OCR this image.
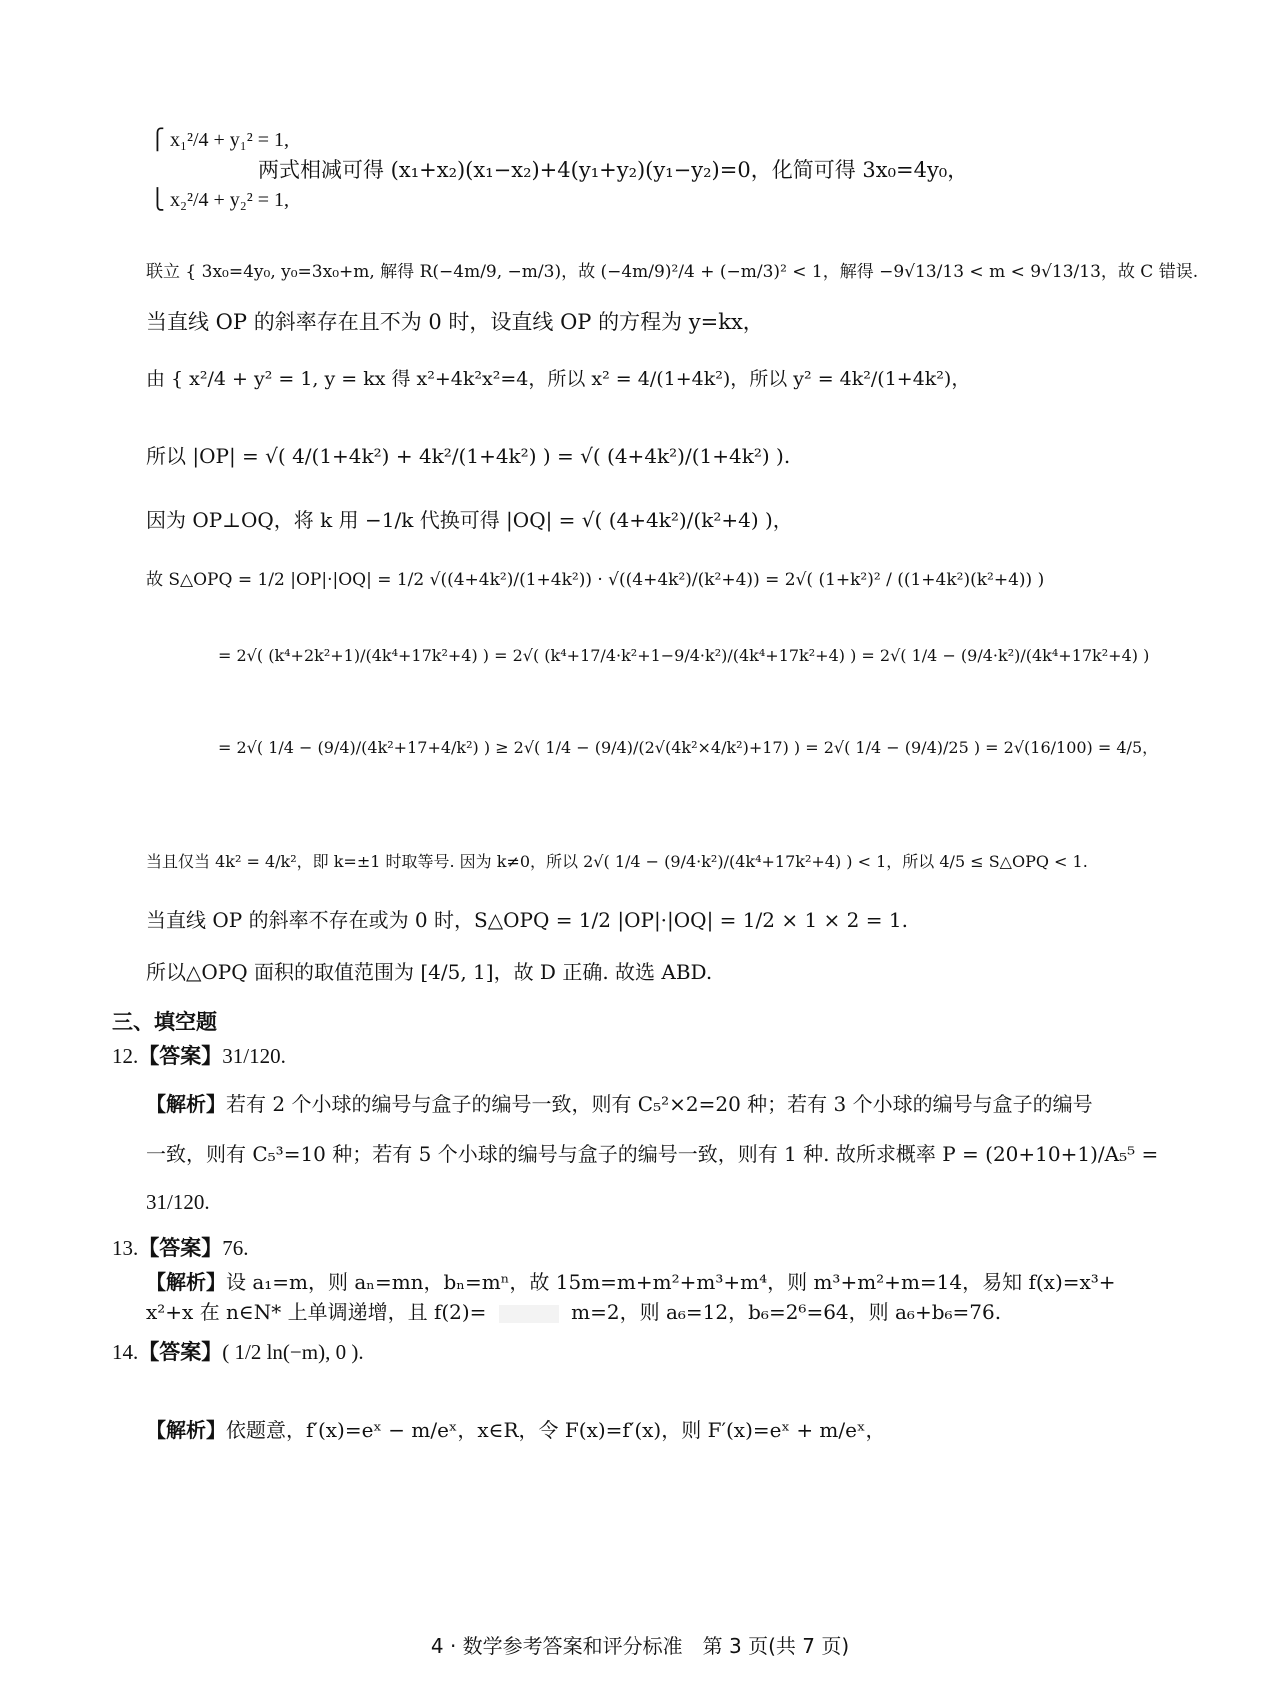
⎧ x₁²/4 + y₁² = 1,
两式相减可得 (x₁+x₂)(x₁−x₂)+4(y₁+y₂)(y₁−y₂)=0，化简可得 3x₀=4y₀，
⎩ x₂²/4 + y₂² = 1,
联立 { 3x₀=4y₀, y₀=3x₀+m, 解得 R(−4m/9, −m/3)，故 (−4m/9)²/4 + (−m/3)² < 1，解得 −9√13/13 < m < 9√13/13，故 C 错误.
当直线 OP 的斜率存在且不为 0 时，设直线 OP 的方程为 y=kx，
由 { x²/4 + y² = 1, y = kx 得 x²+4k²x²=4，所以 x² = 4/(1+4k²)，所以 y² = 4k²/(1+4k²)，
所以 |OP| = √( 4/(1+4k²) + 4k²/(1+4k²) ) = √( (4+4k²)/(1+4k²) ).
因为 OP⊥OQ，将 k 用 −1/k 代换可得 |OQ| = √( (4+4k²)/(k²+4) )，
故 S△OPQ = 1/2 |OP|·|OQ| = 1/2 √((4+4k²)/(1+4k²)) · √((4+4k²)/(k²+4)) = 2√( (1+k²)² / ((1+4k²)(k²+4)) )
= 2√( (k⁴+2k²+1)/(4k⁴+17k²+4) ) = 2√( (k⁴+17/4·k²+1−9/4·k²)/(4k⁴+17k²+4) ) = 2√( 1/4 − (9/4·k²)/(4k⁴+17k²+4) )
= 2√( 1/4 − (9/4)/(4k²+17+4/k²) ) ≥ 2√( 1/4 − (9/4)/(2√(4k²×4/k²)+17) ) = 2√( 1/4 − (9/4)/25 ) = 2√(16/100) = 4/5，
当且仅当 4k² = 4/k²，即 k=±1 时取等号. 因为 k≠0，所以 2√( 1/4 − (9/4·k²)/(4k⁴+17k²+4) ) < 1，所以 4/5 ≤ S△OPQ < 1.
当直线 OP 的斜率不存在或为 0 时，S△OPQ = 1/2 |OP|·|OQ| = 1/2 × 1 × 2 = 1.
所以△OPQ 面积的取值范围为 [4/5, 1]，故 D 正确. 故选 ABD.
三、填空题
12.【答案】31/120.
【解析】若有 2 个小球的编号与盒子的编号一致，则有 C₅²×2=20 种；若有 3 个小球的编号与盒子的编号
一致，则有 C₅³=10 种；若有 5 个小球的编号与盒子的编号一致，则有 1 种. 故所求概率 P = (20+10+1)/A₅⁵ =
31/120.
13.【答案】76.
【解析】设 a₁=m，则 aₙ=mn，bₙ=mⁿ，故 15m=m+m²+m³+m⁴，则 m³+m²+m=14，易知 f(x)=x³+
x²+x 在 n∈N* 上单调递增，且 f(2)=	m=2，则 a₆=12，b₆=2⁶=64，则 a₆+b₆=76.
14.【答案】( 1/2 ln(−m), 0 ).
【解析】依题意，f′(x)=eˣ − m/eˣ，x∈R，令 F(x)=f′(x)，则 F′(x)=eˣ + m/eˣ，
4 · 数学参考答案和评分标准　第 3 页(共 7 页)
